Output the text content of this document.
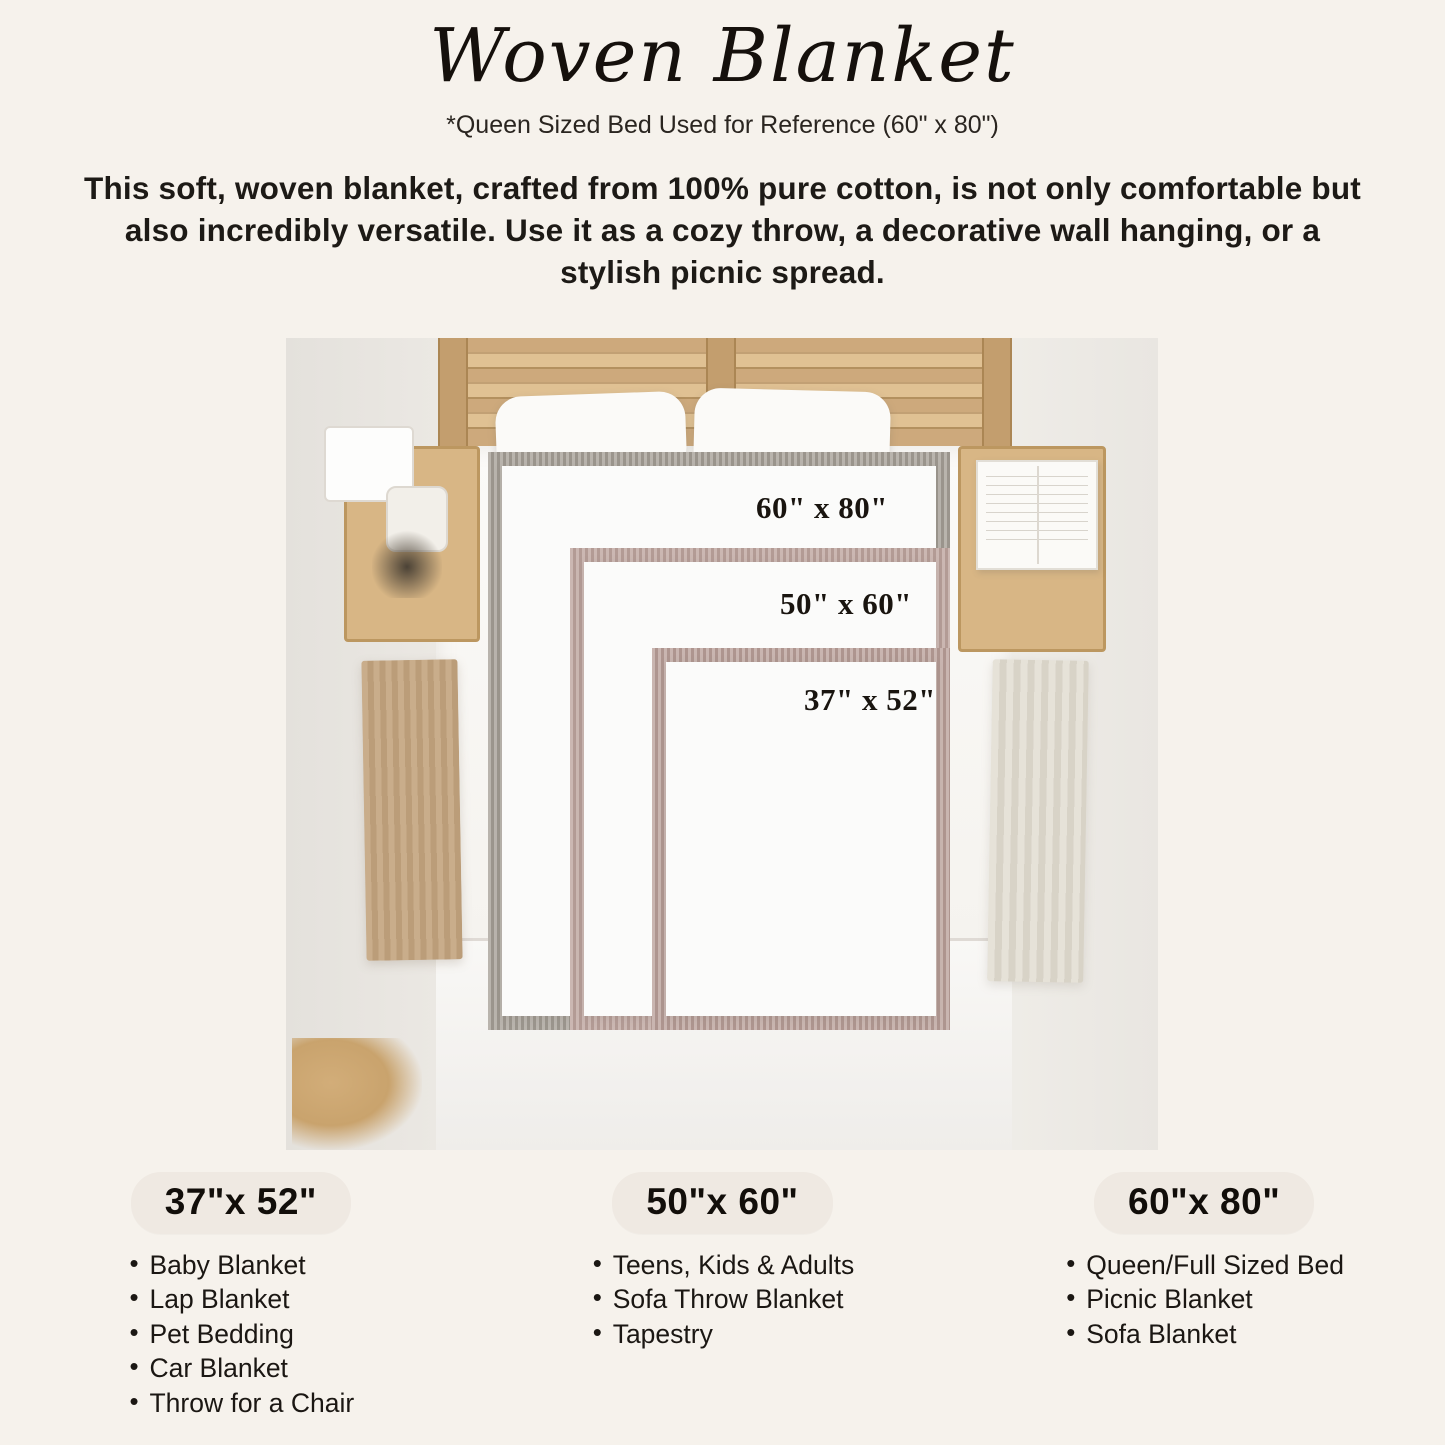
Woven Blanket
*Queen Sized Bed Used for Reference (60" x 80")
This soft, woven blanket, crafted from 100% pure cotton, is not only comfortable but also incredibly versatile. Use it as a cozy throw, a decorative wall hanging, or a stylish picnic spread.
60" x 80"
50" x 60"
37" x 52"
37"x 52"
• Baby Blanket
• Lap Blanket
• Pet Bedding
• Car Blanket
• Throw for a Chair
50"x 60"
• Teens, Kids & Adults
• Sofa Throw Blanket
• Tapestry
60"x 80"
• Queen/Full Sized Bed
• Picnic Blanket
• Sofa Blanket
